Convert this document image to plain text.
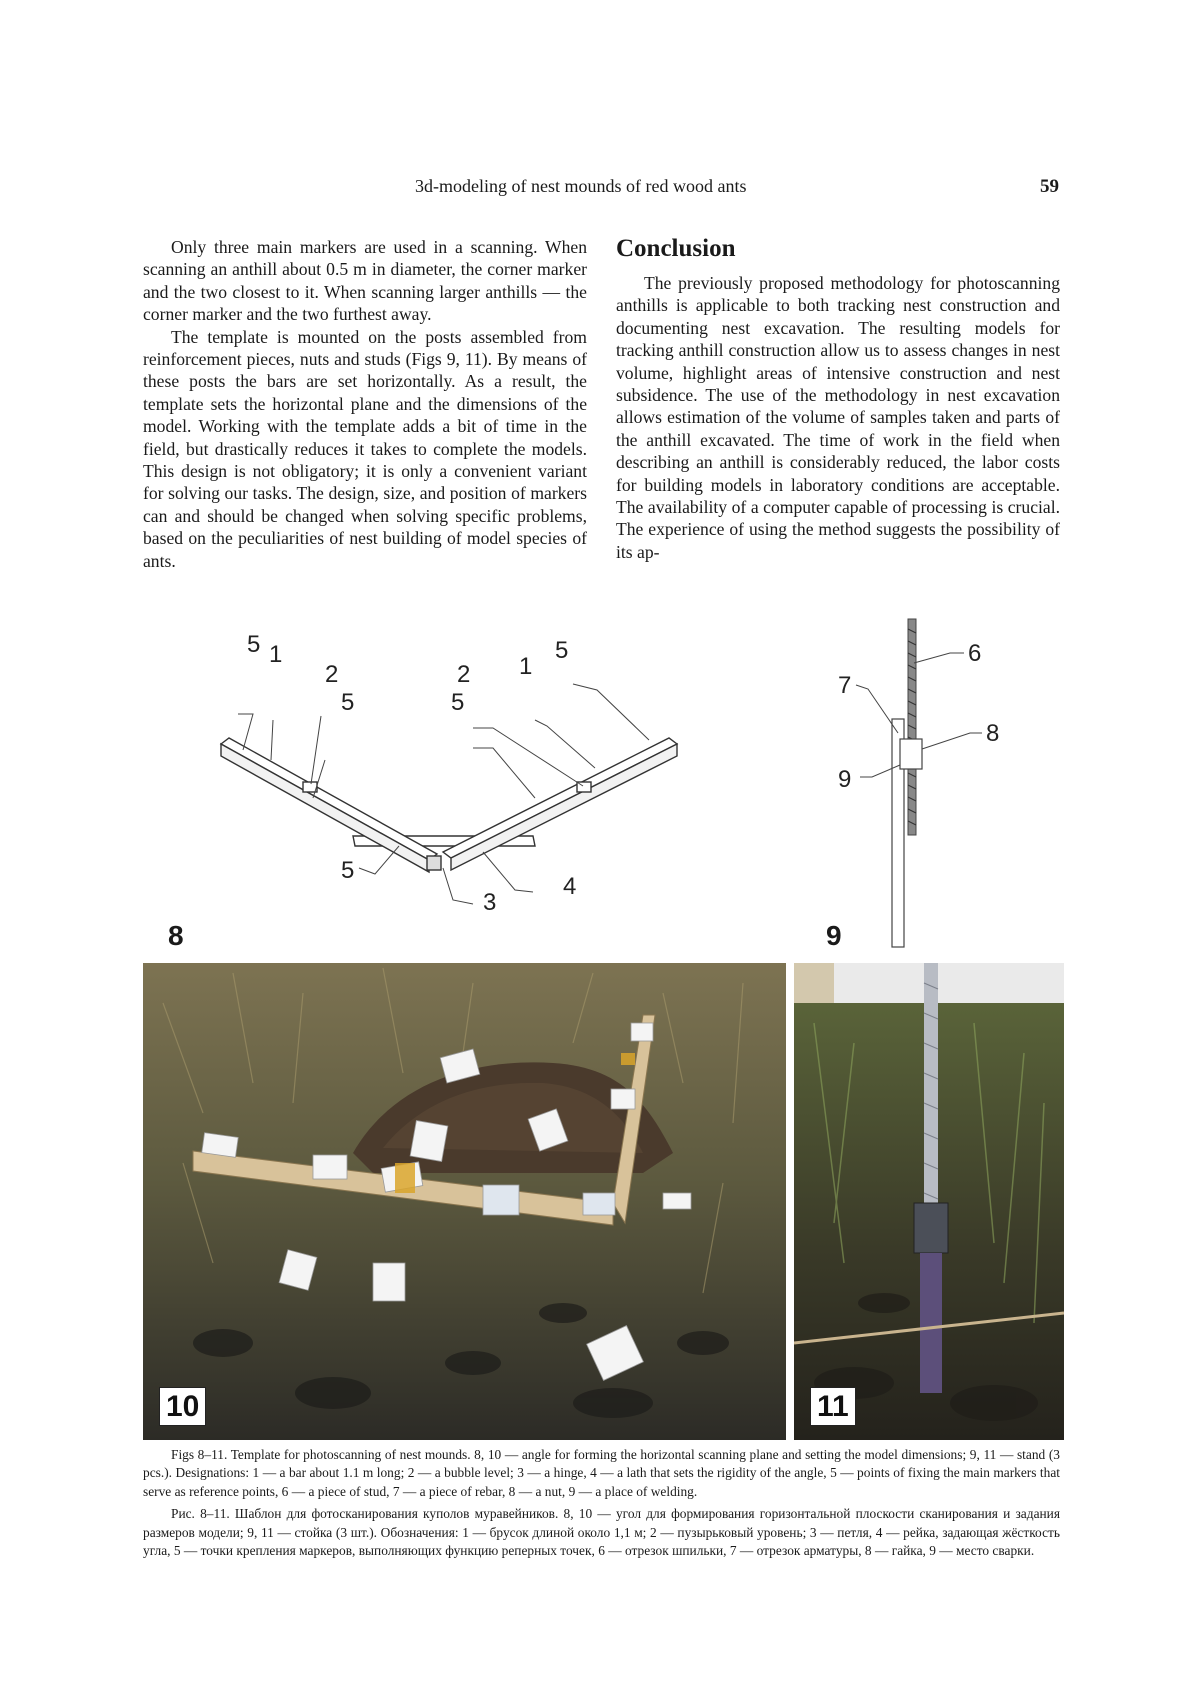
3d-modeling of nest mounds of red wood ants	59

Only three main markers are used in a scanning. When scanning an anthill about 0.5 m in diameter, the corner marker and the two closest to it. When scanning larger anthills — the corner marker and the two furthest away.

The template is mounted on the posts assembled from reinforcement pieces, nuts and studs (Figs 9, 11). By means of these posts the bars are set horizontally. As a result, the template sets the horizontal plane and the dimensions of the model. Working with the template adds a bit of time in the field, but drastically reduces it takes to complete the models. This design is not obligatory; it is only a convenient variant for solving our tasks. The design, size, and position of markers can and should be changed when solving specific problems, based on the peculiarities of nest building of model species of ants.

Conclusion

The previously proposed methodology for photoscanning anthills is applicable to both tracking nest construction and documenting nest excavation. The resulting models for tracking anthill construction allow us to assess changes in nest volume, highlight areas of intensive construction and nest subsidence. The use of the methodology in nest excavation allows estimation of the volume of samples taken and parts of the anthill excavated. The time of work in the field when describing an anthill is considerably reduced, the labor costs for building models in laboratory conditions are acceptable. The availability of a computer capable of processing is crucial. The experience of using the method suggests the possibility of its ap-

5 1
2
5
2
5
1
5
5
3
4
8
6
7
8
9
9
10	11

Figs 8–11. Template for photoscanning of nest mounds. 8, 10 — angle for forming the horizontal scanning plane and setting the model dimensions; 9, 11 — stand (3 pcs.). Designations: 1 — a bar about 1.1 m long; 2 — a bubble level; 3 — a hinge, 4 — a lath that sets the rigidity of the angle, 5 — points of fixing the main markers that serve as reference points, 6 — a piece of stud, 7 — a piece of rebar, 8 — a nut, 9 — a place of welding.

Рис. 8–11. Шаблон для фотосканирования куполов муравейников. 8, 10 — угол для формирования горизонтальной плоскости сканирования и задания размеров модели; 9, 11 — стойка (3 шт.). Обозначения: 1 — брусок длиной около 1,1 м; 2 — пузырьковый уровень; 3 — петля, 4 — рейка, задающая жёсткость угла, 5 — точки крепления маркеров, выполняющих функцию реперных точек, 6 — отрезок шпильки, 7 — отрезок арматуры, 8 — гайка, 9 — место сварки.
